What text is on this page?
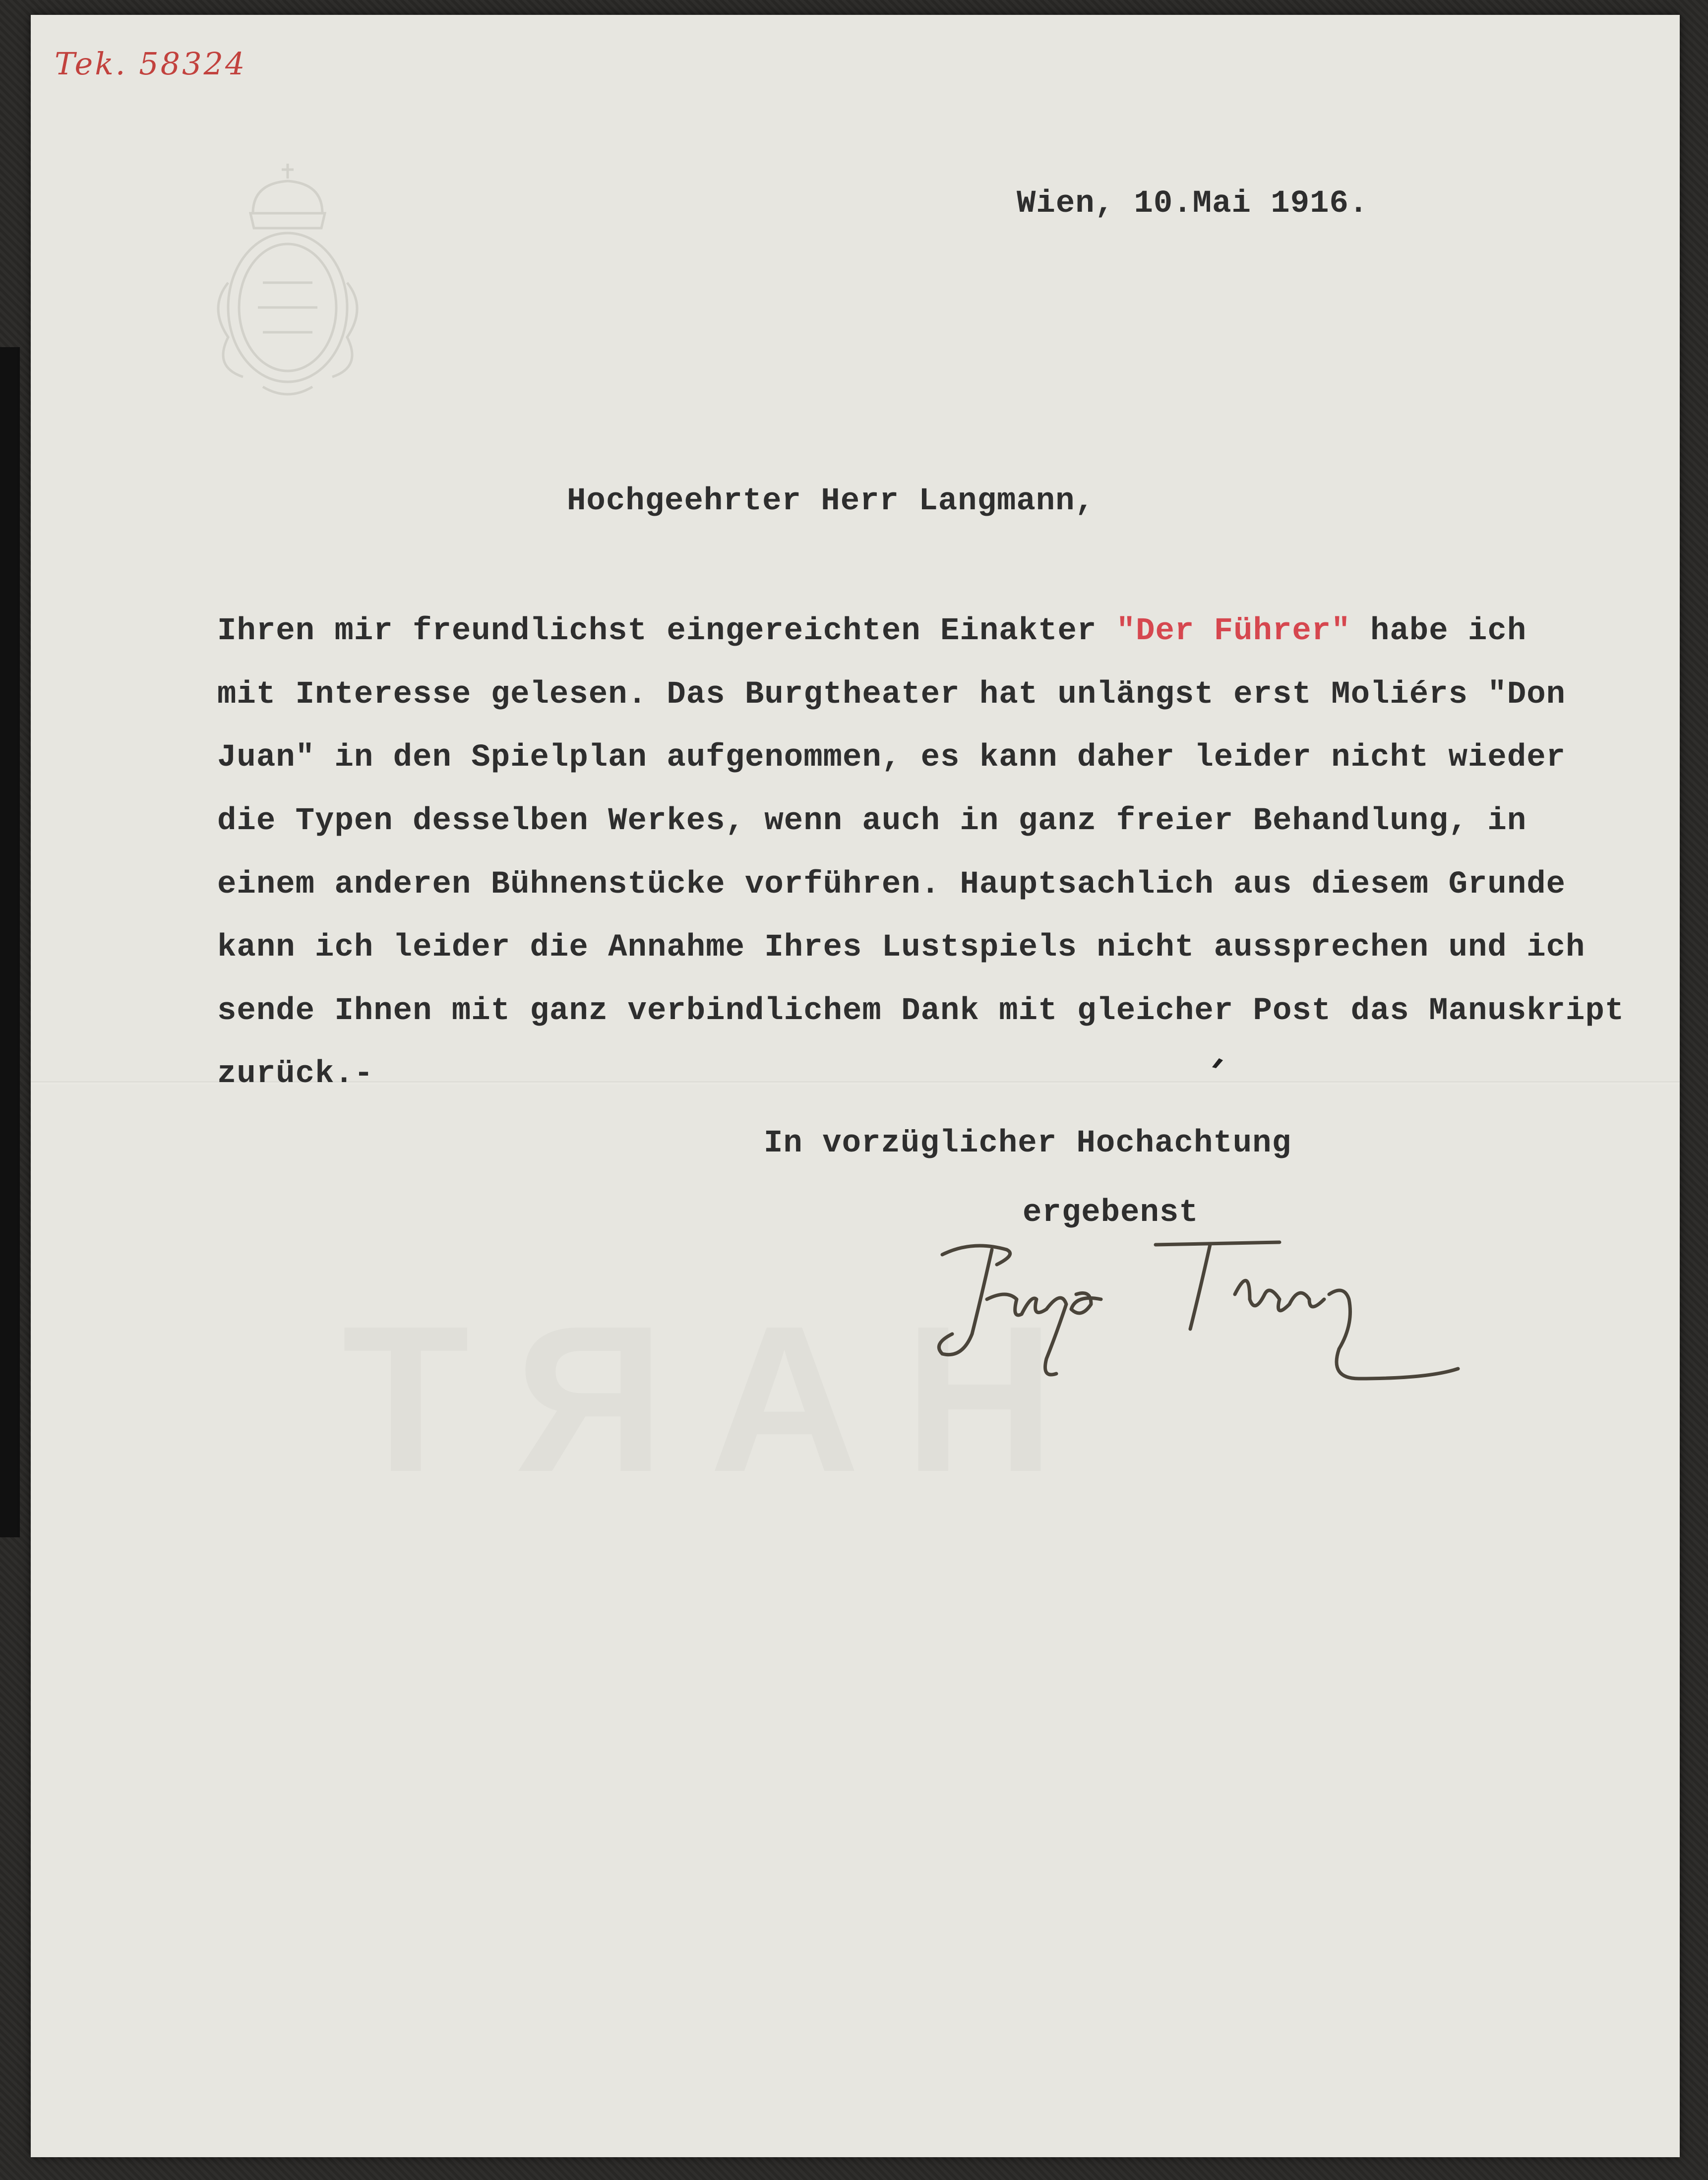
Tek. 58324
HART
Wien, 10.Mai 1916.
Hochgeehrter Herr Langmann,
Ihren mir freundlichst eingereichten Einakter "Der Führer" habe ich
mit Interesse gelesen. Das Burgtheater hat unlängst erst Moliérs "Don
Juan" in den Spielplan aufgenommen, es kann daher leider nicht wieder
die Typen desselben Werkes, wenn auch in ganz freier Behandlung, in
einem anderen Bühnenstücke vorführen. Hauptsachlich aus diesem Grunde
kann ich leider die Annahme Ihres Lustspiels nicht aussprechen und ich
sende Ihnen mit ganz verbindlichem Dank mit gleicher Post das Manuskript
zurück.-
In vorzüglicher Hochachtung
ergebenst
